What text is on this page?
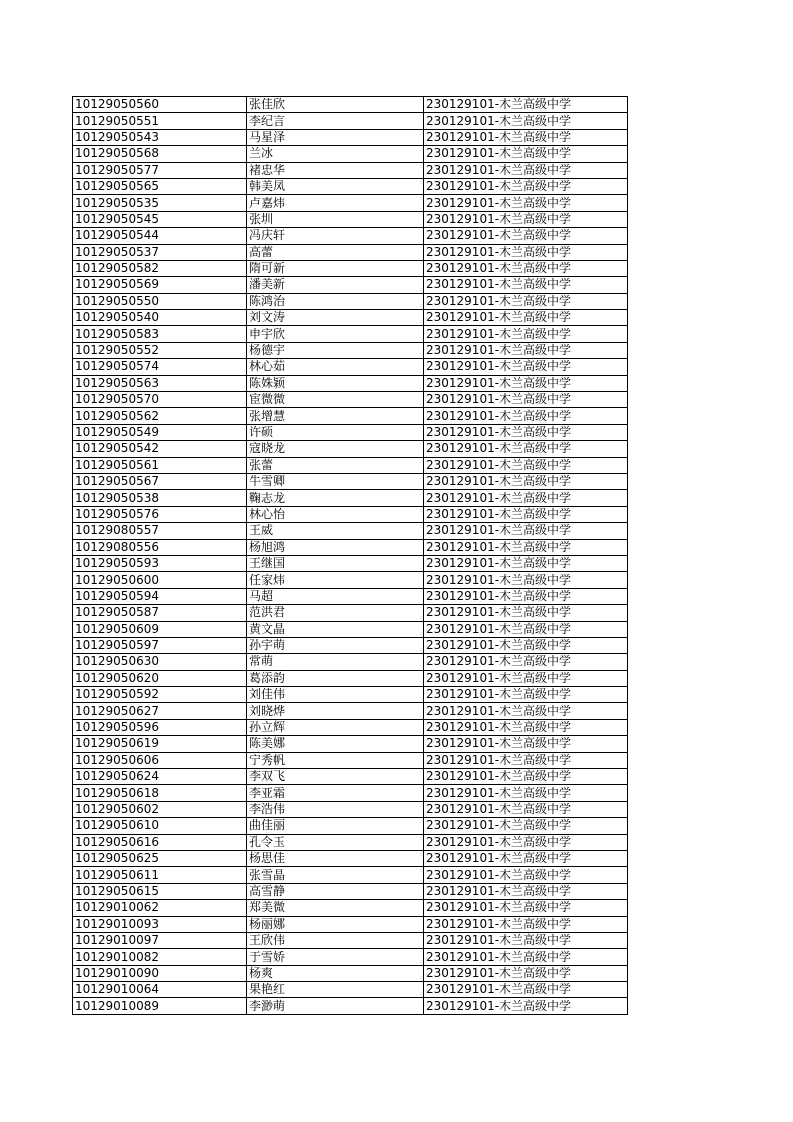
10129050560	张佳欣	230129101-木兰高级中学
10129050551	李纪言	230129101-木兰高级中学
10129050543	马星泽	230129101-木兰高级中学
10129050568	兰冰	230129101-木兰高级中学
10129050577	褚忠华	230129101-木兰高级中学
10129050565	韩美凤	230129101-木兰高级中学
10129050535	卢嘉炜	230129101-木兰高级中学
10129050545	张圳	230129101-木兰高级中学
10129050544	冯庆轩	230129101-木兰高级中学
10129050537	高蕾	230129101-木兰高级中学
10129050582	隋可新	230129101-木兰高级中学
10129050569	潘美新	230129101-木兰高级中学
10129050550	陈鸿治	230129101-木兰高级中学
10129050540	刘文涛	230129101-木兰高级中学
10129050583	申宇欣	230129101-木兰高级中学
10129050552	杨德宇	230129101-木兰高级中学
10129050574	林心茹	230129101-木兰高级中学
10129050563	陈姝颖	230129101-木兰高级中学
10129050570	宦微微	230129101-木兰高级中学
10129050562	张增慧	230129101-木兰高级中学
10129050549	许硕	230129101-木兰高级中学
10129050542	寇晓龙	230129101-木兰高级中学
10129050561	张蕾	230129101-木兰高级中学
10129050567	牛雪卿	230129101-木兰高级中学
10129050538	鞠志龙	230129101-木兰高级中学
10129050576	林心怡	230129101-木兰高级中学
10129080557	王威	230129101-木兰高级中学
10129080556	杨旭鸿	230129101-木兰高级中学
10129050593	王继国	230129101-木兰高级中学
10129050600	任家炜	230129101-木兰高级中学
10129050594	马超	230129101-木兰高级中学
10129050587	范洪君	230129101-木兰高级中学
10129050609	黄文晶	230129101-木兰高级中学
10129050597	孙宇萌	230129101-木兰高级中学
10129050630	常萌	230129101-木兰高级中学
10129050620	葛添韵	230129101-木兰高级中学
10129050592	刘佳伟	230129101-木兰高级中学
10129050627	刘晓烨	230129101-木兰高级中学
10129050596	孙立辉	230129101-木兰高级中学
10129050619	陈美娜	230129101-木兰高级中学
10129050606	宁秀帆	230129101-木兰高级中学
10129050624	李双飞	230129101-木兰高级中学
10129050618	李亚霜	230129101-木兰高级中学
10129050602	李浩伟	230129101-木兰高级中学
10129050610	曲佳丽	230129101-木兰高级中学
10129050616	孔令玉	230129101-木兰高级中学
10129050625	杨思佳	230129101-木兰高级中学
10129050611	张雪晶	230129101-木兰高级中学
10129050615	高雪静	230129101-木兰高级中学
10129010062	郑美微	230129101-木兰高级中学
10129010093	杨丽娜	230129101-木兰高级中学
10129010097	王欣伟	230129101-木兰高级中学
10129010082	于雪娇	230129101-木兰高级中学
10129010090	杨爽	230129101-木兰高级中学
10129010064	果艳红	230129101-木兰高级中学
10129010089	李渺萌	230129101-木兰高级中学
